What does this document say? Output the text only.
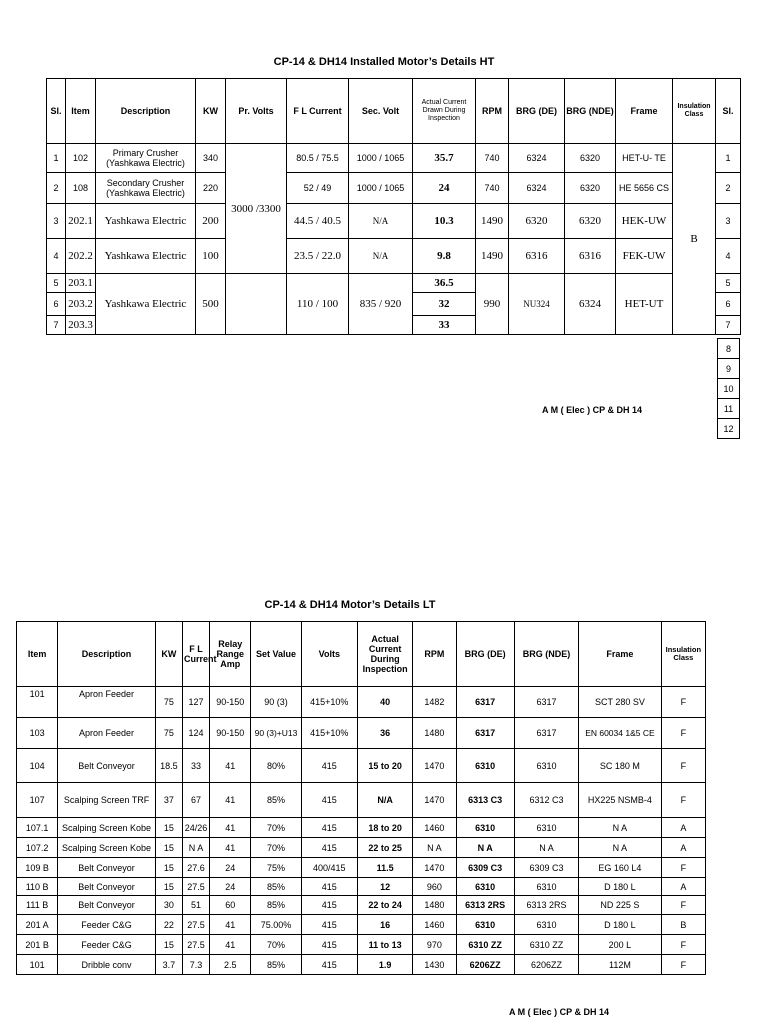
CP-14 & DH14 Installed Motor’s Details HT
Sl.	Item	Description	KW	Pr. Volts	F L Current	Sec. Volt	Actual Current Drawn During Inspection	RPM	BRG (DE)	BRG (NDE)	Frame	Insulation Class	Sl.
1	102	Primary Crusher (Yashkawa Electric)	340	3000 /3300	80.5 / 75.5	1000 / 1065	35.7	740	6324	6320	HET-U- TE	B	1
2	108	Secondary Crusher (Yashkawa Electric)	220		52 / 49	1000 / 1065	24	740	6324	6320	HE 5656 CS		2
3	202.1	Yashkawa Electric	200		44.5 / 40.5	N/A	10.3	1490	6320	6320	HEK-UW		3
4	202.2	Yashkawa Electric	100		23.5 / 22.0	N/A	9.8	1490	6316	6316	FEK-UW		4
5	203.1	Yashkawa Electric	500		110 / 100	835 / 920	36.5	990	NU324	6324	HET-UT		5
6	203.2						32						6
7	203.3						33						7
8
9
10
11
12
A M ( Elec ) CP & DH 14
CP-14 & DH14 Motor’s Details LT
Item	Description	KW	F L Current	Relay Range Amp	Set Value	Volts	Actual Current During Inspection	RPM	BRG (DE)	BRG (NDE)	Frame	Insulation Class
101	Apron Feeder	75	127	90-150	90 (3)	415+10%	40	1482	6317	6317	SCT 280 SV	F
103	Apron Feeder	75	124	90-150	90 (3)+U13	415+10%	36	1480	6317	6317	EN 60034 1&5 CE	F
104	Belt Conveyor	18.5	33	41	80%	415	15 to 20	1470	6310	6310	SC 180 M	F
107	Scalping Screen TRF	37	67	41	85%	415	N/A	1470	6313 C3	6312 C3	HX225 NSMB-4	F
107.1	Scalping Screen Kobe	15	24/26	41	70%	415	18 to 20	1460	6310	6310	N A	A
107.2	Scalping Screen Kobe	15	N A	41	70%	415	22 to 25	N A	N A	N A	N A	A
109 B	Belt Conveyor	15	27.6	24	75%	400/415	11.5	1470	6309 C3	6309 C3	EG 160 L4	F
110 B	Belt Conveyor	15	27.5	24	85%	415	12	960	6310	6310	D 180 L	A
111 B	Belt Conveyor	30	51	60	85%	415	22 to 24	1480	6313 2RS	6313 2RS	ND 225 S	F
201 A	Feeder C&G	22	27.5	41	75.00%	415	16	1460	6310	6310	D 180 L	B
201 B	Feeder C&G	15	27.5	41	70%	415	11 to 13	970	6310 ZZ	6310 ZZ	200 L	F
101	Dribble conv	3.7	7.3	2.5	85%	415	1.9	1430	6206ZZ	6206ZZ	112M	F
A M ( Elec ) CP & DH 14
